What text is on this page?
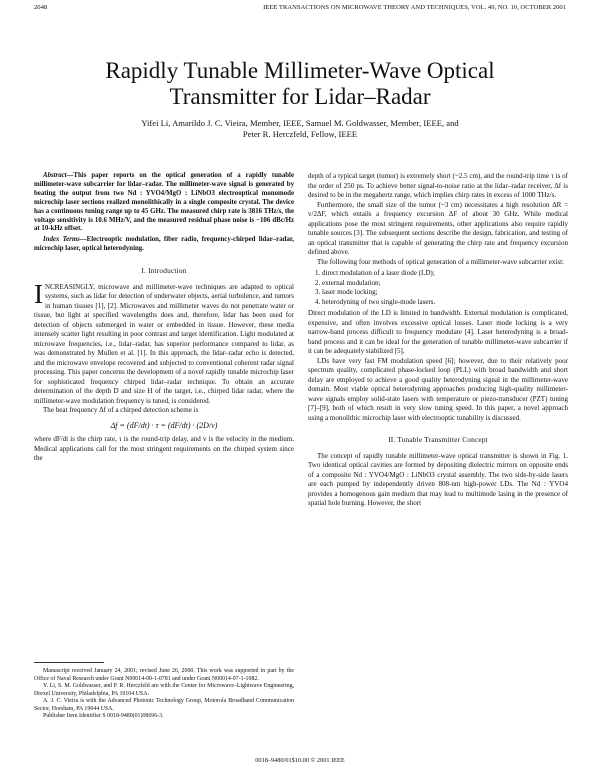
2048	IEEE TRANSACTIONS ON MICROWAVE THEORY AND TECHNIQUES, VOL. 49, NO. 10, OCTOBER 2001
Rapidly Tunable Millimeter-Wave Optical
Transmitter for Lidar–Radar
Yifei Li, Amarildo J. C. Vieira, Member, IEEE, Samuel M. Goldwasser, Member, IEEE, and
Peter R. Herczfeld, Fellow, IEEE

Abstract—This paper reports on the optical generation of a rapidly tunable millimeter-wave subcarrier for lidar–radar. The millimeter-wave signal is generated by beating the output from two Nd : YVO4/MgO : LiNbO3 electrooptical monomode microchip laser sections realized monolithically in a single composite crystal. The device has a continuous tuning range up to 45 GHz. The measured chirp rate is 3816 THz/s, the voltage sensitivity is 10.6 MHz/V, and the measured residual phase noise is −106 dBc/Hz at 10-kHz offset.

Index Terms—Electrooptic modulation, fiber radio, frequency-chirped lidar–radar, microchip laser, optical heterodyning.

I. Introduction

INCREASINGLY, microwave and millimeter-wave techniques are adapted to optical systems, such as lidar for detection of underwater objects, aerial turbulence, and tumors in human tissues [1], [2]. Microwaves and millimeter waves do not penetrate water or tissue, but light at specified wavelengths does and, therefore, lidar has been used for detection of objects submerged in water or embedded in tissue. However, these media intensely scatter light resulting in poor contrast and target identification. Light modulated at microwave frequencies, i.e., lidar–radar, has superior performance compared to lidar, as was demonstrated by Mullen et al. [1]. In this approach, the lidar–radar echo is detected, and the microwave envelope recovered and subjected to conventional coherent radar signal processing. This paper concerns the development of a novel rapidly tunable microchip laser for sophisticated frequency chirped lidar–radar technique. To obtain an accurate determination of the depth D and size H of the target, i.e., chirped lidar radar, where the millimeter-wave modulation frequency is tuned, is considered.

The beat frequency Δf of a chirped detection scheme is

Δf = (dF/dt) · τ = (dF/dt) · (2D/v)

where dF/dt is the chirp rate, τ is the round-trip delay, and v is the velocity in the medium. Medical applications call for the most stringent requirements on the chirped system since the

depth of a typical target (tumor) is extremely short (~2.5 cm), and the round-trip time τ is of the order of 250 ps. To achieve better signal-to-noise ratio at the lidar–radar receiver, Δf is desired to be in the megahertz range, which implies chirp rates in excess of 1000 THz/s.

Furthermore, the small size of the tumor (~3 cm) necessitates a high resolution ΔR = v/2ΔF, which entails a frequency excursion ΔF of about 30 GHz. While medical applications pose the most stringent requirements, other applications also require rapidly tunable sources [3]. The subsequent sections describe the design, fabrication, and testing of an optical transmitter that is capable of generating the chirp rate and frequency excursion defined above.

The following four methods of optical generation of a millimeter-wave subcarrier exist:

1. direct modulation of a laser diode (LD);
2. external modulation;
3. laser mode locking;
4. heterodyning of two single-mode lasers.

Direct modulation of the LD is limited in bandwidth. External modulation is complicated, expensive, and often involves excessive optical losses. Laser mode locking is a very narrow-band process difficult to frequency modulate [4]. Laser heterodyning is a broad-band process and it can be ideal for the generation of tunable millimeter-wave subcarrier if it can be adequately stabilized [5].

LDs have very fast FM modulation speed [6]; however, due to their relatively poor spectrum quality, complicated phase-locked loop (PLL) with broad bandwidth and short delay are employed to achieve a good quality heterodyning signal in the millimeter-wave domain. Most viable optical heterodyning approaches producing high-quality millimeter-wave signals employ solid-state lasers with temperature or piezo-transducer (PZT) tuning [7]–[9], both of which result in very slow tuning speed. In this paper, a novel approach using a monolithic microchip laser with electrooptic tunability is discussed.

II. Tunable Transmitter Concept

The concept of rapidly tunable millimeter-wave optical transmitter is shown in Fig. 1. Two identical optical cavities are formed by depositing dielectric mirrors on opposite ends of a composite Nd : YVO4/MgO : LiNbO3 crystal assembly. The two side-by-side lasers are each pumped by independently driven 808-nm high-power LDs. The Nd : YVO4 provides a homogenous gain medium that may lead to multimode lasing in the presence of spatial hole burning. However, the short

Manuscript received January 24, 2001; revised June 26, 2000. This work was supported in part by the Office of Naval Research under Grant N00014-00-1-0781 and under Grant N00014-97-1-1082.

Y. Li, S. M. Goldwasser, and P. R. Herczfeld are with the Center for Microwave–Lightwave Engineering, Drexel University, Philadelphia, PA 19104 USA.

A. J. C. Vieira is with the Advanced Photonic Technology Group, Motorola Broadband Communication Sector, Horsham, PA 19044 USA.

Publisher Item Identifier S 0018-9480(01)08696-3.

0018–9480/01$10.00 © 2001 IEEE
